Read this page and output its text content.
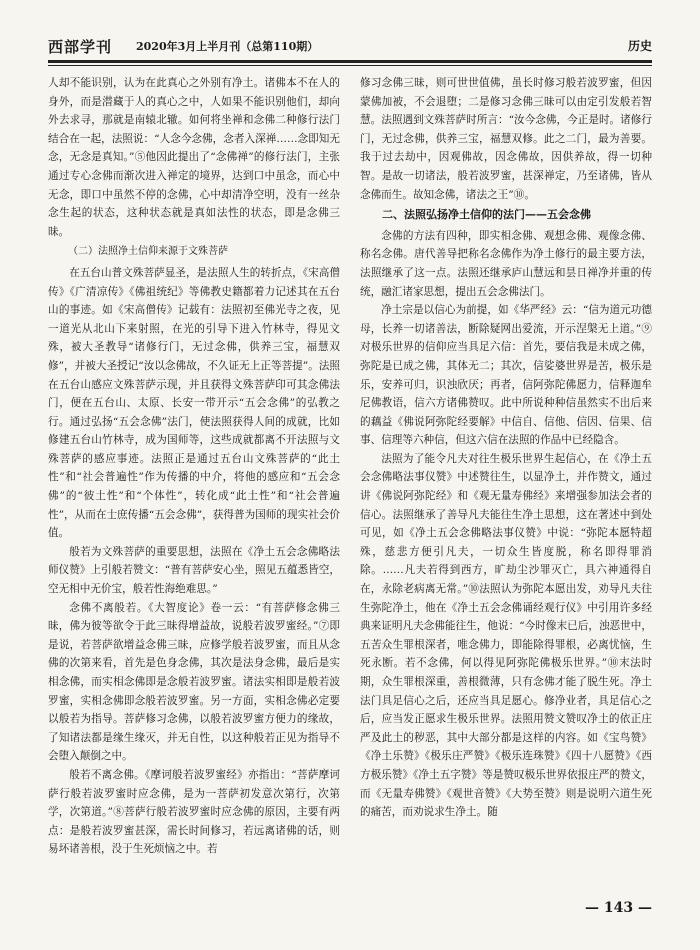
西部学刊 2020年3月上半月刊（总第110期）	历史

人却不能识别，认为在此真心之外别有净土。诸佛本不在人的身外，而是潜藏于人的真心之中，人如果不能识别他们，却向外去求寻，那就是南辕北辙。如何将坐禅和念佛二种修行法门结合在一起，法照说：“人念今念佛，念者入深禅……念即知无念，无念是真知。”⑤他因此提出了“念佛禅”的修行法门，主张通过专心念佛而渐次进入禅定的境界，达到口中虽念，而心中无念，即口中虽然不停的念佛，心中却清净空明，没有一丝杂念生起的状态，这种状态就是真如法性的状态，即是念佛三昧。

（二）法照净土信仰来源于文殊菩萨

在五台山普文殊菩萨显圣，是法照人生的转折点，《宋高僧传》《广清凉传》《佛祖统纪》等佛教史籍都着力记述其在五台山的事迹。如《宋高僧传》记载有：法照初至佛光寺之夜，见一道光从北山下来射照，在光的引导下进入竹林寺，得见文殊，被大圣教导“诸修行门，无过念佛，供养三宝，福慧双修”，并被大圣授记“汝以念佛故，不久证无上正等菩提”。法照在五台山感应文殊菩萨示现，并且获得文殊菩萨印可其念佛法门，便在五台山、太原、长安一带开示“五会念佛”的弘教之行。通过弘扬“五会念佛”法门，使法照获得人间的成就，比如修建五台山竹林寺，成为国师等，这些成就都离不开法照与文殊菩萨的感应事迹。法照正是通过五台山文殊菩萨的“此土性”和“社会普遍性”作为传播的中介，将他的感应和“五会念佛”的“彼土性”和“个体性”，转化成“此土性”和“社会普遍性”，从而在士庶传播“五会念佛”，获得普为国师的现实社会价值。

般若为文殊菩萨的重要思想，法照在《净土五会念佛略法师仪赞》上引般若赞文：“普有菩萨安心坐，照见五蕴悉皆空，空无相中无价宝，般若性海绝难思。”

念佛不离般若。《大智度论》卷一云：“有菩萨修念佛三昧，佛为彼等欲令于此三昧得增益故，说般若波罗蜜经。”⑦即是说，若菩萨欲增益念佛三昧，应修学般若波罗蜜，而且从念佛的次第来看，首先是色身念佛，其次是法身念佛，最后是实相念佛，而实相念佛即是念般若波罗蜜。诸法实相即是般若波罗蜜，实相念佛即念般若波罗蜜。另一方面，实相念佛必定要以般若为指导。菩萨修习念佛，以般若波罗蜜方便力的缘故，了知诸法都是缘生缘灭，并无自性，以这种般若正见为指导不会堕入颠倒之中。

般若不离念佛。《摩诃般若波罗蜜经》亦指出：“菩萨摩诃萨行般若波罗蜜时应念佛，是为一菩萨初发意次第行，次第学，次第道。”⑧菩萨行般若波罗蜜时应念佛的原因，主要有两点：是般若波罗蜜甚深，需长时间修习，若远离诸佛的话，则易坏诸善根，没于生死烦恼之中。若

修习念佛三昧，则可世世值佛，虽长时修习般若波罗蜜，但因蒙佛加被，不会退堕；二是修习念佛三昧可以由定引发般若智慧。法照遇到文殊菩萨时所言：“汝今念佛，今正是时。诸修行门，无过念佛，供养三宝，福慧双修。此之二门，最为善要。我于过去劫中，因观佛故，因念佛故，因供养故，得一切种智。是故一切诸法，般若波罗蜜，甚深禅定，乃至诸佛，皆从念佛而生。故知念佛，诸法之王”⑩。

二、法照弘扬净土信仰的法门——五会念佛

念佛的方法有四种，即实相念佛、观想念佛、观像念佛、称名念佛。唐代善导把称名念佛作为净土修行的最主要方法，法照继承了这一点。法照还继承庐山慧远和昙日禅净并重的传统，融汇诸家思想，提出五会念佛法门。

净土宗是以信心为前提，如《华严经》云：“信为道元功德母，长养一切诸善法，断除疑网出爱流，开示涅槃无上道。”⑨对极乐世界的信仰应当具足六信：首先，要信我是未成之佛，弥陀是已成之佛，其体无二；其次，信娑婆世界是苦，极乐是乐，安养可归，识浊欣厌；再者，信阿弥陀佛愿力，信释迦牟尼佛教语，信六方诸佛赞叹。此中所说种种信虽然实不出后来的藕益《佛说阿弥陀经要解》中信自、信他、信因、信果、信事、信理等六种信，但这六信在法照的作品中已经隐含。

法照为了能令凡夫对往生极乐世界生起信心，在《净土五会念佛略法事仪赞》中述赞往生，以显净土，并作赞文，通过讲《佛说阿弥陀经》和《观无量寿佛经》来增强参加法会者的信心。法照继承了善导凡夫能往生净土思想，这在著述中到处可见，如《净土五会念佛略法事仪赞》中说：“弥陀本愿特超殊，慈悲方便引凡夫，一切众生皆度脱，称名即得罪消除。……凡夫若得到西方，旷劫尘沙罪灭亡，具六神通得自在，永除老病离无常。”⑩法照认为弥陀本愿出发，劝导凡夫往生弥陀净土，他在《净土五会念佛诵经观行仪》中引用许多经典来证明凡夫念佛能往生，他说：“今时像末已后，浊恶世中，五苦众生罪根深者，唯念佛力，即能除得罪根，必离忧恼，生死永断。若不念佛，何以得见阿弥陀佛极乐世界。”⑩末法时期，众生罪根深重，善根微薄，只有念佛才能了脱生死。净土法门具足信心之后，还应当具足愿心。修净业者，具足信心之后，应当发正愿求生极乐世界。法照用赞文赞叹净土的依正庄严及此土的秽恶，其中大部分都是这样的内容。如《宝鸟赞》《净土乐赞》《极乐庄严赞》《极乐连珠赞》《四十八愿赞》《西方极乐赞》《净土五字赞》等是赞叹极乐世界依报庄严的赞文，而《无量寿佛赞》《观世音赞》《大势至赞》则是说明六道生死的痛苦，而劝说求生净土。随

— 143 —
